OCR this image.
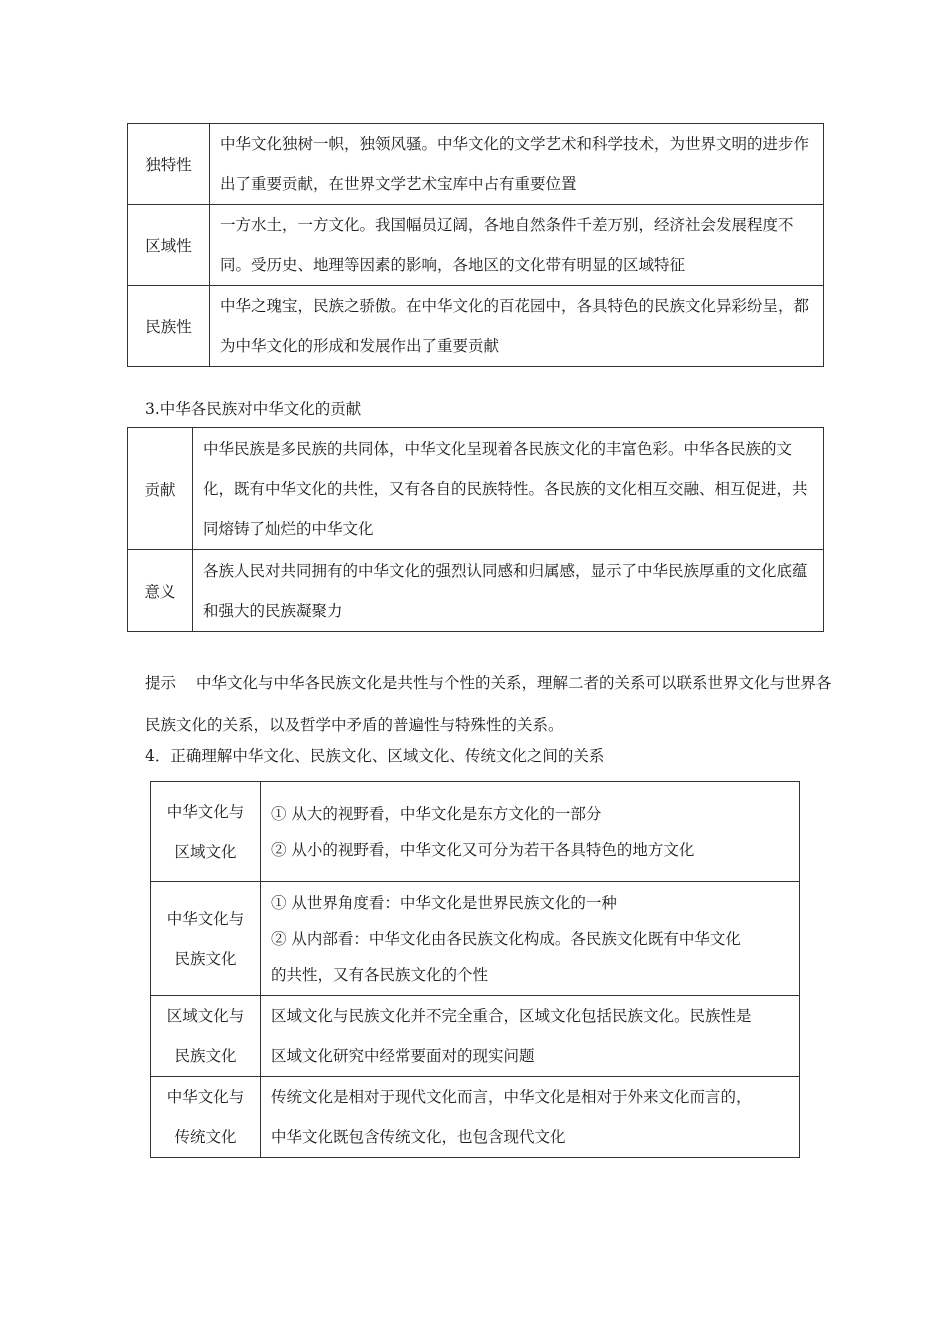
独特性	中华文化独树一帜，独领风骚。中华文化的文学艺术和科学技术，为世界文明的进步作出了重要贡献，在世界文学艺术宝库中占有重要位置
区域性	一方水土，一方文化。我国幅员辽阔，各地自然条件千差万别，经济社会发展程度不同。受历史、地理等因素的影响，各地区的文化带有明显的区域特征
民族性	中华之瑰宝，民族之骄傲。在中华文化的百花园中，各具特色的民族文化异彩纷呈，都为中华文化的形成和发展作出了重要贡献

3.中华各民族对中华文化的贡献

贡献	中华民族是多民族的共同体，中华文化呈现着各民族文化的丰富色彩。中华各民族的文化，既有中华文化的共性，又有各自的民族特性。各民族的文化相互交融、相互促进，共同熔铸了灿烂的中华文化
意义	各族人民对共同拥有的中华文化的强烈认同感和归属感，显示了中华民族厚重的文化底蕴和强大的民族凝聚力

提示 中华文化与中华各民族文化是共性与个性的关系，理解二者的关系可以联系世界文化与世界各民族文化的关系，以及哲学中矛盾的普遍性与特殊性的关系。

4．正确理解中华文化、民族文化、区域文化、传统文化之间的关系

中华文化与
区域文化	① 从大的视野看，中华文化是东方文化的一部分
② 从小的视野看，中华文化又可分为若干各具特色的地方文化

中华文化与
民族文化	① 从世界角度看：中华文化是世界民族文化的一种
② 从内部看：中华文化由各民族文化构成。各民族文化既有中华文化
的共性，又有各民族文化的个性

区域文化与
民族文化	区域文化与民族文化并不完全重合，区域文化包括民族文化。民族性是
区域文化研究中经常要面对的现实问题

中华文化与
传统文化	传统文化是相对于现代文化而言，中华文化是相对于外来文化而言的，
中华文化既包含传统文化，也包含现代文化
